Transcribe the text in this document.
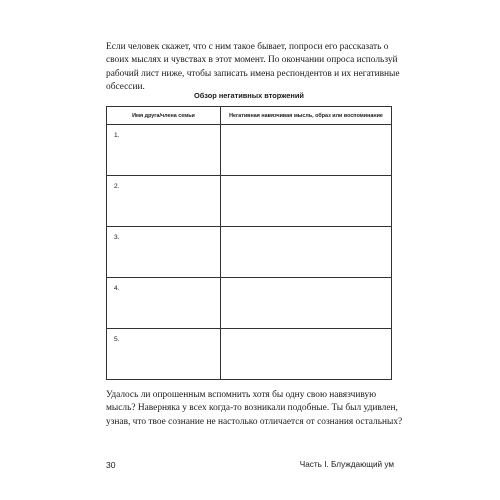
Если человек скажет, что с ним такое бывает, попроси его рассказать о своих мыслях и чувствах в этот момент. По окончании опроса используй рабочий лист ниже, чтобы записать имена респондентов и их негативные обсессии.

Обзор негативных вторжений

Имя друга/члена семьи	Негативная навязчивая мысль, образ или воспоминание

1.	

2.	

3.	

4.	

5.	

Удалось ли опрошенным вспомнить хотя бы одну свою навязчивую мысль? Наверняка у всех когда-то возникали подобные. Ты был удивлен, узнав, что твое сознание не настолько отличается от сознания остальных?

30	Часть I. Блуждающий ум
